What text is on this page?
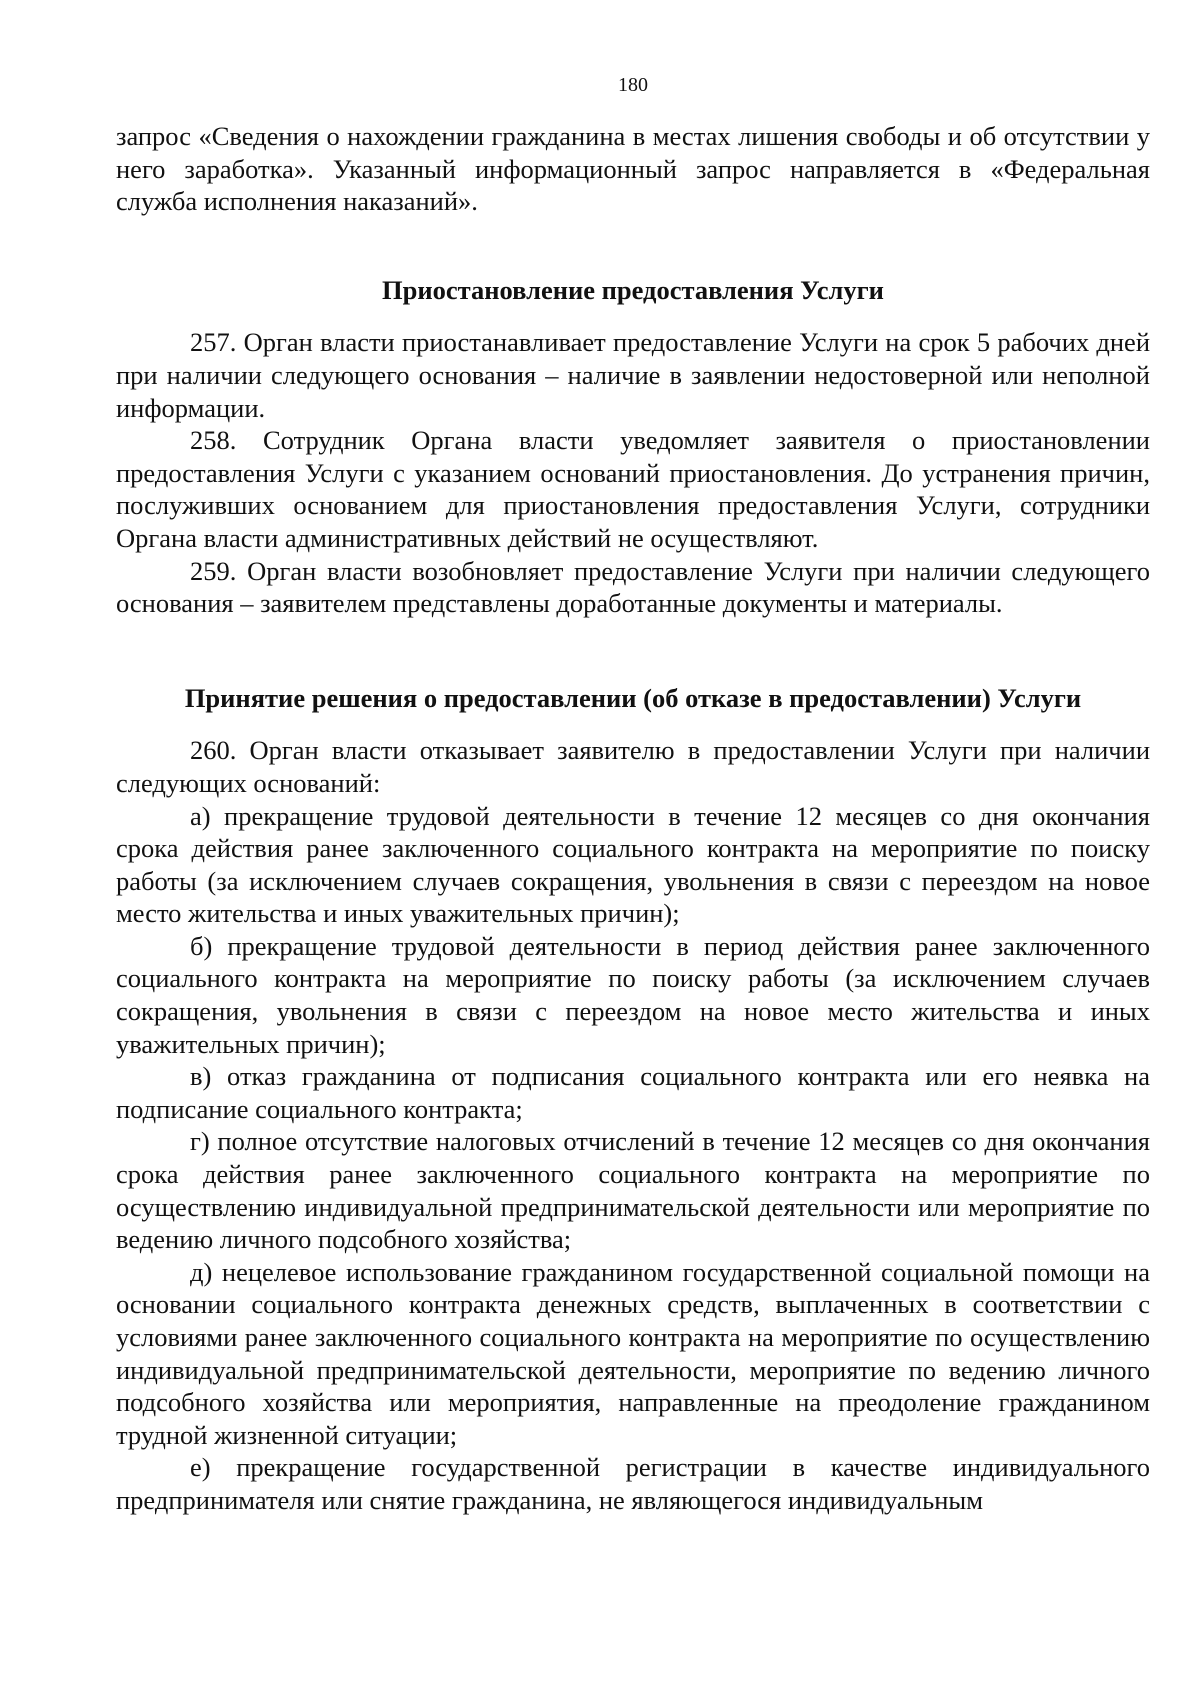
180

запрос «Сведения о нахождении гражданина в местах лишения свободы и об отсутствии у него заработка». Указанный информационный запрос направляется в «Федеральная служба исполнения наказаний».

Приостановление предоставления Услуги

257. Орган власти приостанавливает предоставление Услуги на срок 5 рабочих дней при наличии следующего основания – наличие в заявлении недостоверной или неполной информации.

258. Сотрудник Органа власти уведомляет заявителя о приостановлении предоставления Услуги с указанием оснований приостановления. До устранения причин, послуживших основанием для приостановления предоставления Услуги, сотрудники Органа власти административных действий не осуществляют.

259. Орган власти возобновляет предоставление Услуги при наличии следующего основания – заявителем представлены доработанные документы и материалы.

Принятие решения о предоставлении (об отказе в предоставлении) Услуги

260. Орган власти отказывает заявителю в предоставлении Услуги при наличии следующих оснований:

а) прекращение трудовой деятельности в течение 12 месяцев со дня окончания срока действия ранее заключенного социального контракта на мероприятие по поиску работы (за исключением случаев сокращения, увольнения в связи с переездом на новое место жительства и иных уважительных причин);

б) прекращение трудовой деятельности в период действия ранее заключенного социального контракта на мероприятие по поиску работы (за исключением случаев сокращения, увольнения в связи с переездом на новое место жительства и иных уважительных причин);

в) отказ гражданина от подписания социального контракта или его неявка на подписание социального контракта;

г) полное отсутствие налоговых отчислений в течение 12 месяцев со дня окончания срока действия ранее заключенного социального контракта на мероприятие по осуществлению индивидуальной предпринимательской деятельности или мероприятие по ведению личного подсобного хозяйства;

д) нецелевое использование гражданином государственной социальной помощи на основании социального контракта денежных средств, выплаченных в соответствии с условиями ранее заключенного социального контракта на мероприятие по осуществлению индивидуальной предпринимательской деятельности, мероприятие по ведению личного подсобного хозяйства или мероприятия, направленные на преодоление гражданином трудной жизненной ситуации;

е) прекращение государственной регистрации в качестве индивидуального предпринимателя или снятие гражданина, не являющегося индивидуальным
